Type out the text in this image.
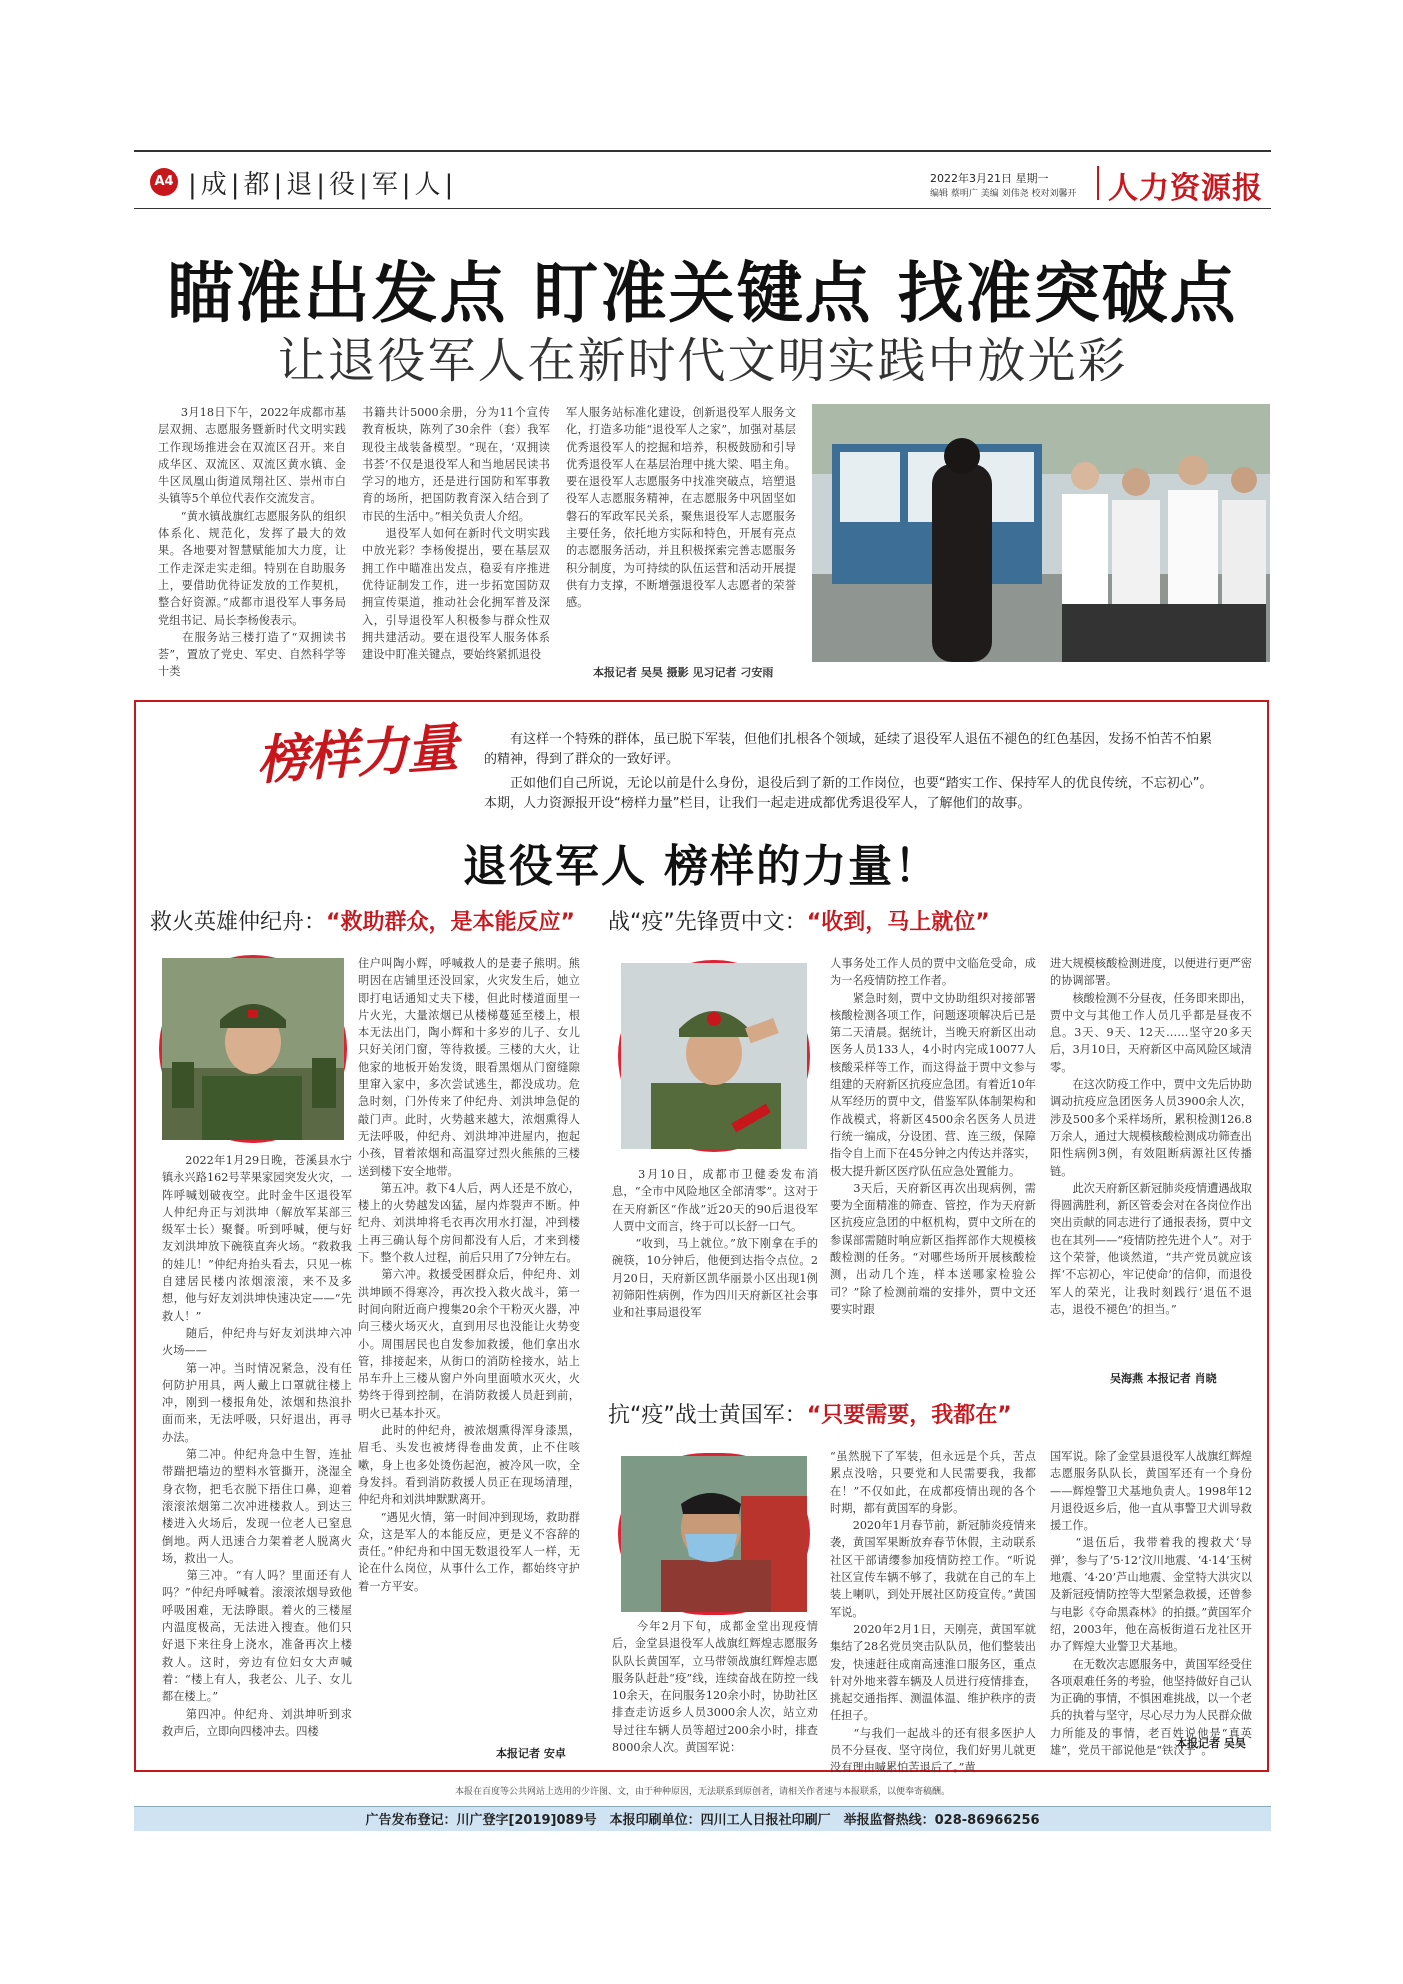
A4 |成|都|退|役|军|人|	2022年3月21日 星期一
编辑 蔡明广 美编 刘伟尧 校对刘馨开 人力资源报
瞄准出发点 盯准关键点 找准突破点
让退役军人在新时代文明实践中放光彩
　　3月18日下午，2022年成都市基层双拥、志愿服务暨新时代文明实践工作现场推进会在双流区召开。来自成华区、双流区、双流区黄水镇、金牛区凤凰山街道凤翔社区、崇州市白头镇等5个单位代表作交流发言。
　　“黄水镇战旗红志愿服务队的组织体系化、规范化，发挥了最大的效果。各地要对智慧赋能加大力度，让工作走深走实走细。特别在自助服务上，要借助优待证发放的工作契机，整合好资源。”成都市退役军人事务局党组书记、局长李杨俊表示。
　　在服务站三楼打造了“双拥读书荟”，置放了党史、军史、自然科学等十类
书籍共计5000余册，分为11个宣传教育板块，陈列了30余件（套）我军现役主战装备模型。“现在，‘双拥读书荟’不仅是退役军人和当地居民读书学习的地方，还是进行国防和军事教育的场所，把国防教育深入结合到了市民的生活中。”相关负责人介绍。
　　退役军人如何在新时代文明实践中放光彩？李杨俊提出，要在基层双拥工作中瞄准出发点，稳妥有序推进优待证制发工作，进一步拓宽国防双拥宣传渠道，推动社会化拥军普及深入，引导退役军人积极参与群众性双拥共建活动。要在退役军人服务体系建设中盯准关键点，要始终紧抓退役
军人服务站标准化建设，创新退役军人服务文化，打造多功能“退役军人之家”，加强对基层优秀退役军人的挖掘和培养，积极鼓励和引导优秀退役军人在基层治理中挑大梁、唱主角。要在退役军人志愿服务中找准突破点，培塑退役军人志愿服务精神，在志愿服务中巩固坚如磐石的军政军民关系，聚焦退役军人志愿服务主要任务，依托地方实际和特色，开展有亮点的志愿服务活动，并且积极探索完善志愿服务积分制度，为可持续的队伍运营和活动开展提供有力支撑，不断增强退役军人志愿者的荣誉感。
本报记者 吴昊 摄影 见习记者 刁安雨
榜样力量	有这样一个特殊的群体，虽已脱下军装，但他们扎根各个领域，延续了退役军人退伍不褪色的红色基因，发扬不怕苦不怕累的精神，得到了群众的一致好评。
正如他们自己所说，无论以前是什么身份，退役后到了新的工作岗位，也要“踏实工作、保持军人的优良传统，不忘初心”。本期，人力资源报开设“榜样力量”栏目，让我们一起走进成都优秀退役军人，了解他们的故事。
退役军人 榜样的力量！
救火英雄仲纪舟：“救助群众，是本能反应”
　　2022年1月29日晚，苍溪县水宁镇永兴路162号苹果家园突发火灾，一阵呼喊划破夜空。此时金牛区退役军人仲纪舟正与刘洪坤（解放军某部三级军士长）聚餐。听到呼喊，便与好友刘洪坤放下碗筷直奔火场。“救救我的娃儿！”仲纪舟抬头看去，只见一栋自建居民楼内浓烟滚滚，来不及多想，他与好友刘洪坤快速决定——“先救人！”
　　随后，仲纪舟与好友刘洪坤六冲火场——
　　第一冲。当时情况紧急，没有任何防护用具，两人戴上口罩就往楼上冲，刚到一楼报角处，浓烟和热浪扑面而来，无法呼吸，只好退出，再寻办法。
　　第二冲。仲纪舟急中生智，连扯带踹把墙边的塑料水管撕开，浇湿全身衣物，把毛衣脱下捂住口鼻，迎着滚滚浓烟第二次冲进楼救人。到达三楼进入火场后，发现一位老人已窒息倒地。两人迅速合力架着老人脱离火场，救出一人。
　　第三冲。“有人吗？里面还有人吗？”仲纪舟呼喊着。滚滚浓烟导致他呼吸困难，无法睁眼。着火的三楼屋内温度极高，无法进入搜查。他们只好退下来往身上浇水，准备再次上楼救人。这时，旁边有位妇女大声喊着：“楼上有人，我老公、儿子、女儿都在楼上。”
　　第四冲。仲纪舟、刘洪坤听到求救声后，立即向四楼冲去。四楼
住户叫陶小辉，呼喊救人的是妻子熊明。熊明因在店铺里还没回家，火灾发生后，她立即打电话通知丈夫下楼，但此时楼道面里一片火光，大量浓烟已从楼梯蔓延至楼上，根本无法出门，陶小辉和十多岁的儿子、女儿只好关闭门窗，等待救援。三楼的大火，让他家的地板开始发烫，眼看黑烟从门窗缝隙里窜入家中，多次尝试逃生，都没成功。危急时刻，门外传来了仲纪舟、刘洪坤急促的敲门声。此时，火势越来越大，浓烟熏得人无法呼吸，仲纪舟、刘洪坤冲进屋内，抱起小孩，冒着浓烟和高温穿过烈火熊熊的三楼送到楼下安全地带。
　　第五冲。救下4人后，两人还是不放心，楼上的火势越发凶猛，屋内炸裂声不断。仲纪舟、刘洪坤将毛衣再次用水打湿，冲到楼上再三确认每个房间都没有人后，才来到楼下。整个救人过程，前后只用了7分钟左右。
　　第六冲。救援受困群众后，仲纪舟、刘洪坤顾不得寒冷，再次投入救火战斗，第一时间向附近商户搜集20余个干粉灭火器，冲向三楼火场灭火，直到用尽也没能让火势变小。周围居民也自发参加救援，他们拿出水管，排接起来，从街口的消防栓接水，站上吊车升上三楼从窗户外向里面喷水灭火，火势终于得到控制，在消防救援人员赶到前，明火已基本扑灭。
　　此时的仲纪舟，被浓烟熏得浑身漆黑，眉毛、头发也被烤得卷曲发黄，止不住咳嗽，身上也多处烫伤起泡，被冷风一吹，全身发抖。看到消防救援人员正在现场清理，仲纪舟和刘洪坤默默离开。
　　“遇见火情，第一时间冲到现场，救助群众，这是军人的本能反应，更是义不容辞的责任。”仲纪舟和中国无数退役军人一样，无论在什么岗位，从事什么工作，都始终守护着一方平安。
本报记者 安卓
战“疫”先锋贾中文：“收到，马上就位”
　　3月10日，成都市卫健委发布消息，“全市中风险地区全部清零”。这对于在天府新区“作战”近20天的90后退役军人贾中文而言，终于可以长舒一口气。
　　“收到，马上就位。”放下刚拿在手的碗筷，10分钟后，他便到达指令点位。2月20日，天府新区凯华丽景小区出现1例初筛阳性病例，作为四川天府新区社会事业和社事局退役军
人事务处工作人员的贾中文临危受命，成为一名疫情防控工作者。
　　紧急时刻，贾中文协助组织对接部署核酸检测各项工作，问题逐项解决后已是第二天清晨。据统计，当晚天府新区出动医务人员133人，4小时内完成10077人核酸采样等工作，而这得益于贾中文参与组建的天府新区抗疫应急团。有着近10年从军经历的贾中文，借鉴军队体制架构和作战模式，将新区4500余名医务人员进行统一编成，分设团、营、连三级，保障指令自上而下在45分钟之内传达并落实，极大提升新区医疗队伍应急处置能力。
　　3天后，天府新区再次出现病例，需要为全面精准的筛查、管控，作为天府新区抗疫应急团的中枢机构，贾中文所在的参谋部需随时响应新区指挥部作大规模核酸检测的任务。“对哪些场所开展核酸检测，出动几个连，样本送哪家检验公司？”除了检测前端的安排外，贾中文还要实时跟
进大规模核酸检测进度，以便进行更严密的协调部署。
　　核酸检测不分昼夜，任务即来即出，贾中文与其他工作人员几乎都是昼夜不息。3天、9天、12天……坚守20多天后，3月10日，天府新区中高风险区域清零。
　　在这次防疫工作中，贾中文先后协助调动抗疫应急团医务人员3900余人次，涉及500多个采样场所，累积检测126.8万余人，通过大规模核酸检测成功筛查出阳性病例3例，有效阻断病源社区传播链。
　　此次天府新区新冠肺炎疫情遭遇战取得圆满胜利，新区管委会对在各岗位作出突出贡献的同志进行了通报表扬，贾中文也在其列——“疫情防控先进个人”。对于这个荣誉，他谈然道，“共产党员就应该挥‘不忘初心，牢记使命’的信仰，而退役军人的荣光，让我时刻践行‘退伍不退志，退役不褪色’的担当。”
吴海燕 本报记者 肖晓
抗“疫”战士黄国军：“只要需要，我都在”
　　今年2月下旬，成都金堂出现疫情后，金堂县退役军人战旗红辉煌志愿服务队队长黄国军，立马带领战旗红辉煌志愿服务队赶赴“疫”线，连续奋战在防控一线10余天，在问服务120余小时，协助社区排查走访返乡人员3000余人次，站立劝导过往车辆人员等超过200余小时，排查8000余人次。黄国军说：
“虽然脱下了军装，但永远是个兵，苦点累点没啥，只要党和人民需要我，我都在！”不仅如此，在成都疫情出现的各个时期，都有黄国军的身影。
　　2020年1月春节前，新冠肺炎疫情来袭，黄国军果断放弃春节休假，主动联系社区干部请缨参加疫情防控工作。“听说社区宣传车辆不够了，我就在自己的车上装上喇叭，到处开展社区防疫宣传。”黄国军说。
　　2020年2月1日，天刚亮，黄国军就集结了28名党员突击队队员，他们整装出发，快速赶往成南高速淮口服务区，重点针对外地来蓉车辆及人员进行疫情排查，挑起交通指挥、测温体温、维护秩序的责任担子。
　　“与我们一起战斗的还有很多医护人员不分昼夜、坚守岗位，我们好男儿就更没有理由喊累怕苦退后了。”黄
国军说。除了金堂县退役军人战旗红辉煌志愿服务队队长，黄国军还有一个身份——辉煌警卫犬基地负责人。1998年12月退役返乡后，他一直从事警卫犬训导救援工作。
　　“退伍后，我带着我的搜救犬‘导弹’，参与了‘5·12’汶川地震、‘4·14’玉树地震、‘4·20’芦山地震、金堂特大洪灾以及新冠疫情防控等大型紧急救援，还曾参与电影《夺命黑森林》的拍摄。”黄国军介绍，2003年，他在高板街道石龙社区开办了辉煌大业警卫犬基地。
　　在无数次志愿服务中，黄国军经受住各项艰难任务的考验，他坚持做好自己认为正确的事情，不惧困难挑战，以一个老兵的执着与坚守，尽心尽力为人民群众做力所能及的事情，老百姓说他是“真英雄”，党员干部说他是“铁汉子”。
本报记者 吴昊
本报在百度等公共网站上选用的少许图、文，由于种种原因，无法联系到原创者，请相关作者速与本报联系，以便奉寄稿酬。
广告发布登记：川广登字[2019]089号　本报印刷单位：四川工人日报社印刷厂　举报监督热线：028-86966256
